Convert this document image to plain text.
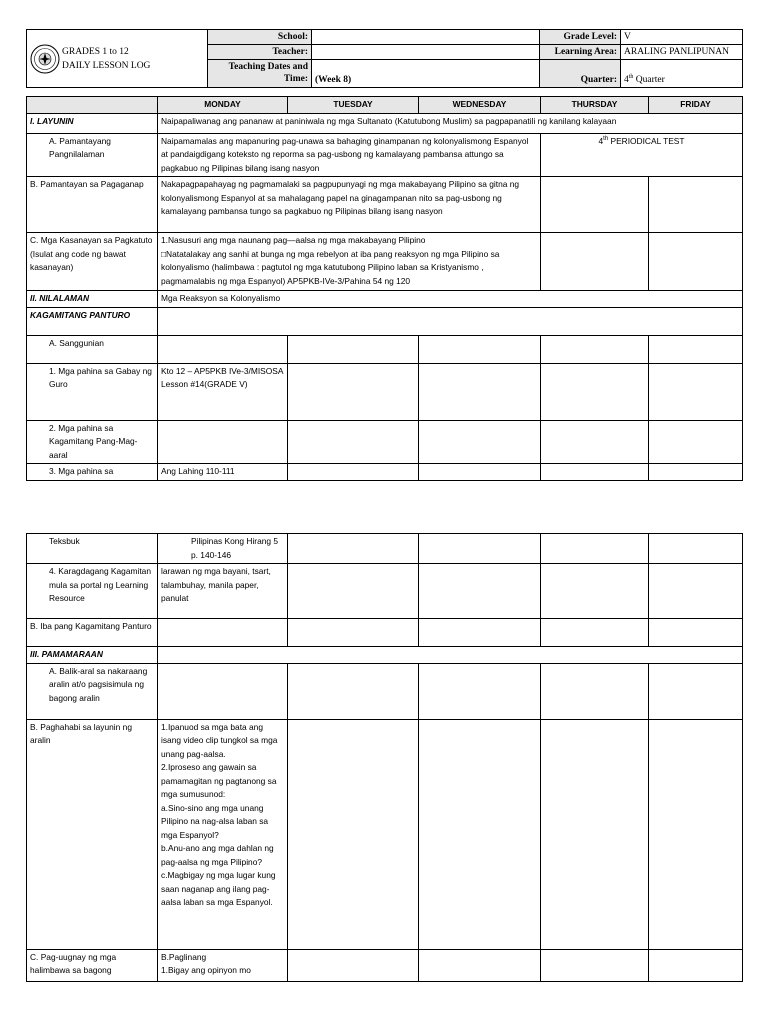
GRADES 1 to 12
DAILY LESSON LOG	School:		Grade Level:	V
	Teacher:		Learning Area:	ARALING PANLIPUNAN
	Teaching Dates and Time:	(Week 8)	Quarter:	4th Quarter
	MONDAY	TUESDAY	WEDNESDAY	THURSDAY	FRIDAY
I. LAYUNIN	Naipapaliwanag ang pananaw at paniniwala ng mga Sultanato (Katutubong Muslim) sa pagpapanatili ng kanilang kalayaan				
A. Pamantayang Pangnilalaman	Naipamamalas ang mapanuring pag-unawa sa bahaging ginampanan ng kolonyalismong Espanyol at pandaigdigang koteksto ng reporma sa pag-usbong ng kamalayang pambansa attungo sa pagkabuo ng Pilipinas bilang isang nasyon			4th PERIODICAL TEST	
B. Pamantayan sa Pagaganap	Nakapagpapahayag ng pagmamalaki sa pagpupunyagi ng mga makabayang Pilipino sa gitna ng kolonyalismong Espanyol at sa mahalagang papel na ginagampanan nito sa pag-usbong ng kamalayang pambansa tungo sa pagkabuo ng Pilipinas bilang isang nasyon				
C. Mga Kasanayan sa Pagkatuto (Isulat ang code ng bawat kasanayan)	1.Nasusuri ang mga naunang pag—aalsa ng mga makabayang Pilipino
□Natatalakay ang sanhi at bunga ng mga rebelyon at iba pang reaksyon ng mga Pilipino sa kolonyalismo (halimbawa : pagtutol ng mga katutubong Pilipino laban sa Kristyanismo , pagmamalabis ng mga Espanyol) AP5PKB-IVe-3/Pahina 54 ng 120				
II. NILALAMAN	Mga Reaksyon sa Kolonyalismo				
KAGAMITANG PANTURO					
A. Sanggunian					
1. Mga pahina sa Gabay ng Guro	Kto 12 – AP5PKB IVe-3/MISOSA Lesson #14(GRADE V)				
2. Mga pahina sa Kagamitang Pang-Mag-aaral					
3. Mga pahina sa	Ang Lahing 110-111				
Teksbuk	Pilipinas Kong Hirang 5 p. 140-146				

4. Karagdagang Kagamitan mula sa portal ng Learning Resource	larawan ng mga bayani, tsart, talambuhay, manila paper, panulat				
B. Iba pang Kagamitang Panturo					
III. PAMAMARAAN					
A. Balik-aral sa nakaraang aralin at/o pagsisimula ng bagong aralin					
B. Paghahabi sa layunin ng aralin	1.Ipanuod sa mga bata ang isang video clip tungkol sa mga unang pag-aalsa.
2.Iproseso ang gawain sa pamamagitan ng pagtanong sa mga sumusunod:
a.Sino-sino ang mga unang Pilipino na nag-alsa laban sa mga Espanyol?
b.Anu-ano ang mga dahlan ng pag-aalsa ng mga Pilipino?
c.Magbigay ng mga lugar kung saan naganap ang ilang pag-aalsa laban sa mga Espanyol.				
C. Pag-uugnay ng mga halimbawa sa bagong	B.Paglinang
1.Bigay ang opinyon mo				
